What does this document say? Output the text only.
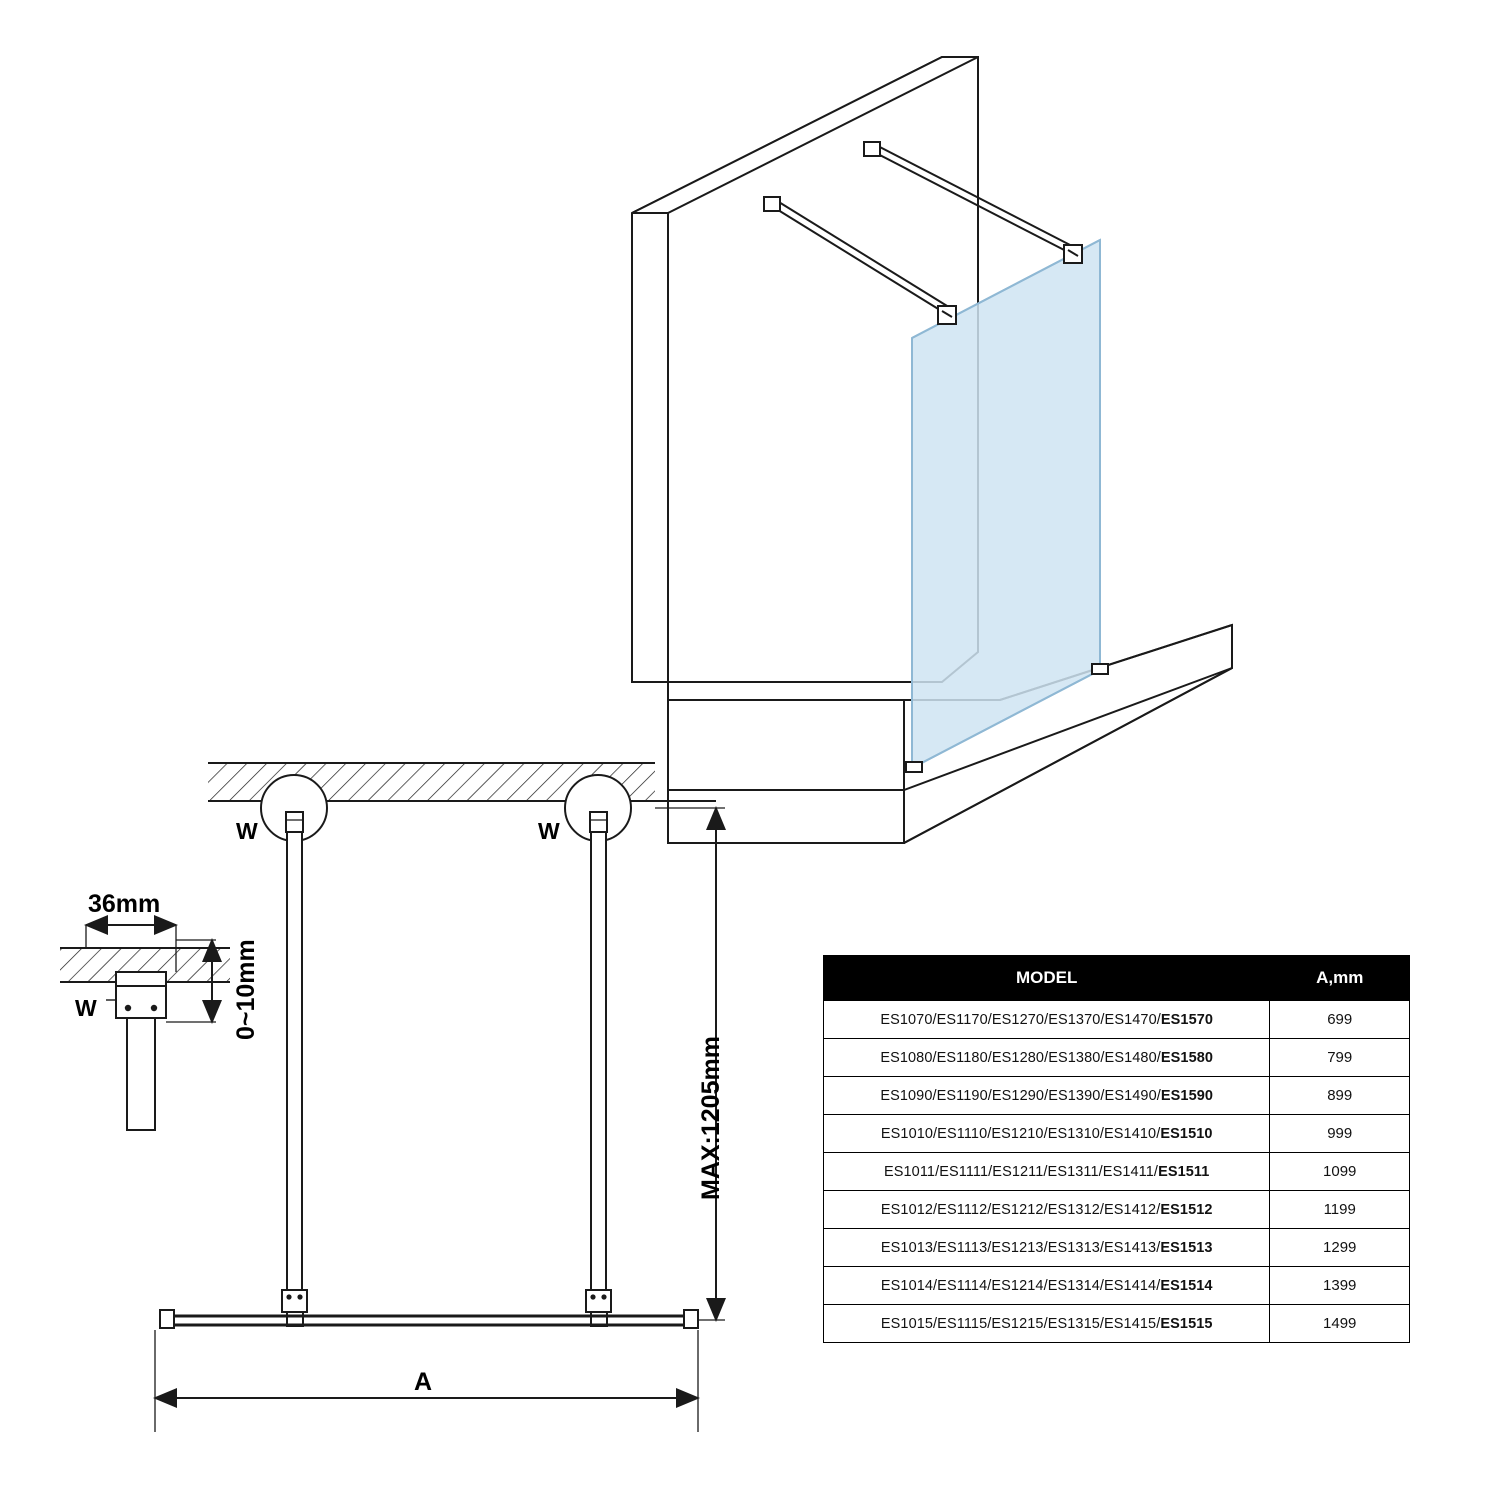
36mm
W	0~10mm
W	W
A
MAX:1205mm
MODEL	A,mm
ES1070/ES1170/ES1270/ES1370/ES1470/ES1570	699
ES1080/ES1180/ES1280/ES1380/ES1480/ES1580	799
ES1090/ES1190/ES1290/ES1390/ES1490/ES1590	899
ES1010/ES1110/ES1210/ES1310/ES1410/ES1510	999
ES1011/ES1111/ES1211/ES1311/ES1411/ES1511	1099
ES1012/ES1112/ES1212/ES1312/ES1412/ES1512	1199
ES1013/ES1113/ES1213/ES1313/ES1413/ES1513	1299
ES1014/ES1114/ES1214/ES1314/ES1414/ES1514	1399
ES1015/ES1115/ES1215/ES1315/ES1415/ES1515	1499
